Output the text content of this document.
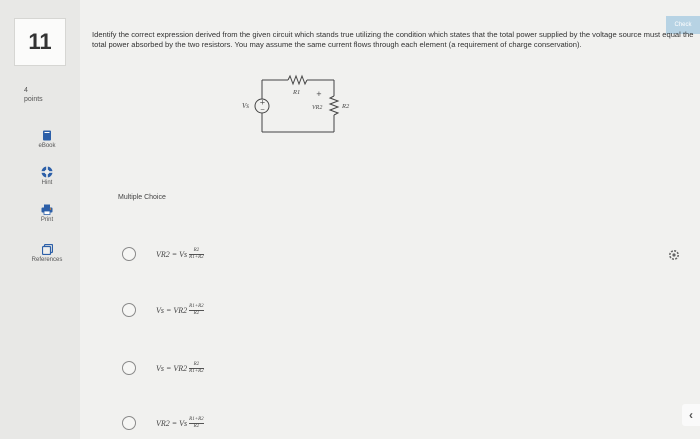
11
4
points
eBook
Hint
Print
References
Check
Identify the correct expression derived from the given circuit which stands true utilizing the condition which states that the total power supplied by the voltage source must equal the total power absorbed by the two resistors. You may assume the same current flows through each element (a requirement of charge conservation).
+
−
Vs
R1 +
VR2	R2
Multiple Choice
VR2 = Vs $\frac{R2}{R1+R2}$
$Vs = VR2 \frac{R1+R2}{R2}$
$Vs = VR2 \frac{R2}{R1+R2}$
VR2 = Vs $\frac{R1+R2}{R2}$
‹
